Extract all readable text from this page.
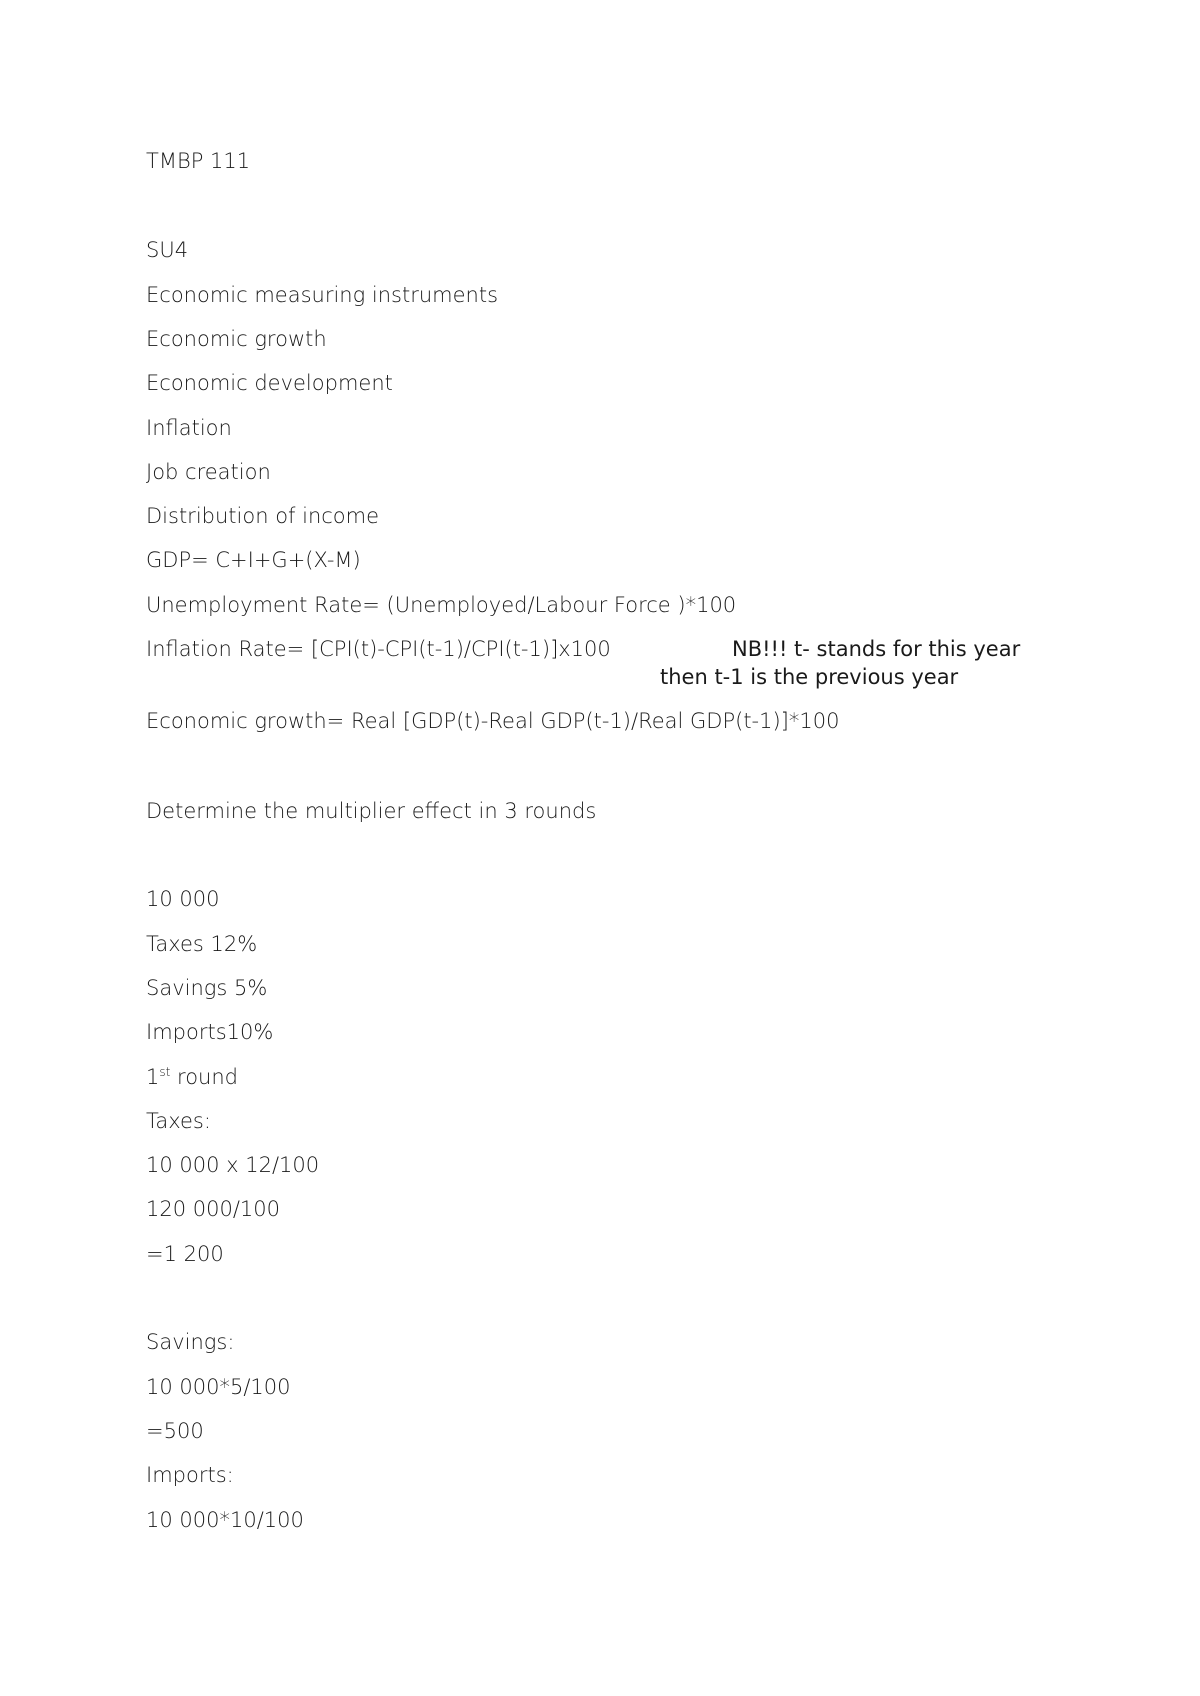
TMBP 111
SU4
Economic measuring instruments
Economic growth
Economic development
Inflation
Job creation
Distribution of income
GDP= C+I+G+(X-M)
Unemployment Rate= (Unemployed/Labour Force )*100
Inflation Rate= [CPI(t)-CPI(t-1)/CPI(t-1)]x100	NB!!! t- stands for this year
then t-1 is the previous year
Economic growth= Real [GDP(t)-Real GDP(t-1)/Real GDP(t-1)]*100
Determine the multiplier effect in 3 rounds
10 000
Taxes 12%
Savings 5%
Imports10%
1st round
Taxes:
10 000 x 12/100
120 000/100
=1 200
Savings:
10 000*5/100
=500
Imports:
10 000*10/100
